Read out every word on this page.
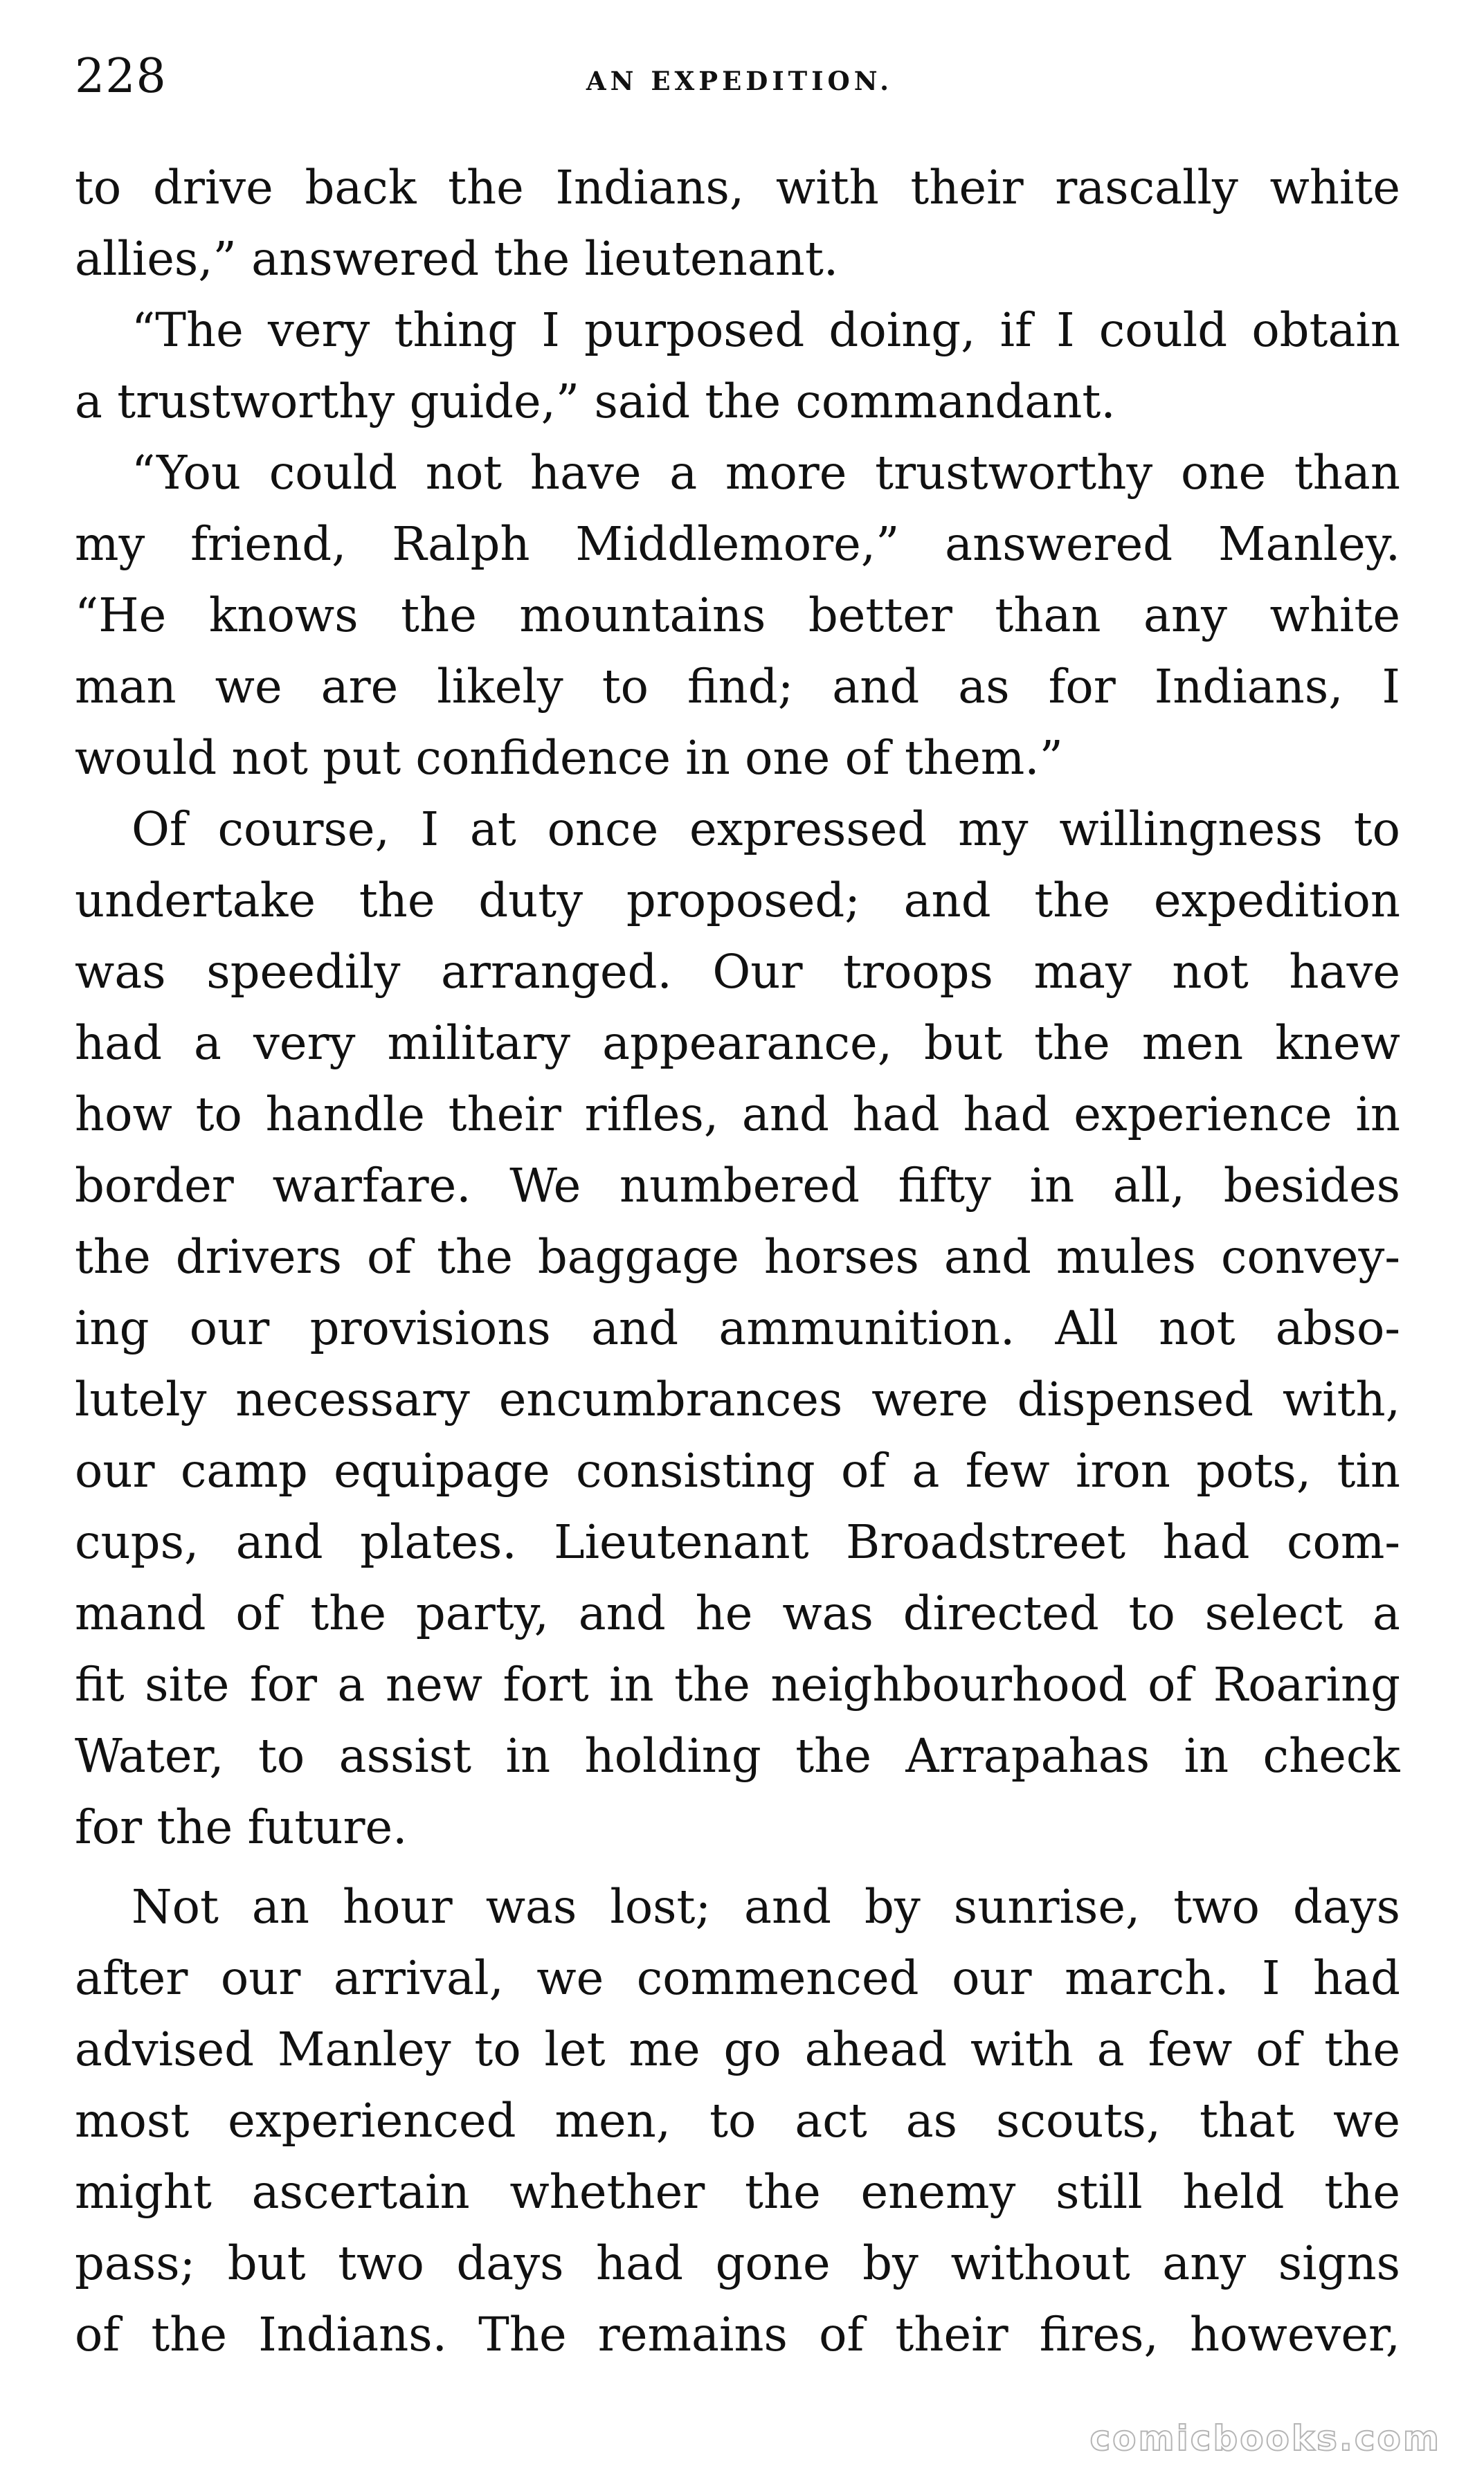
228	AN EXPEDITION.
to drive back the Indians, with their rascally white
allies,” answered the lieutenant.
“The very thing I purposed doing, if I could obtain
a trustworthy guide,” said the commandant.
“You could not have a more trustworthy one than
my friend, Ralph Middlemore,” answered Manley.
“He knows the mountains better than any white
man we are likely to find; and as for Indians, I
would not put confidence in one of them.”
Of course, I at once expressed my willingness to
undertake the duty proposed; and the expedition
was speedily arranged. Our troops may not have
had a very military appearance, but the men knew
how to handle their rifles, and had had experience in
border warfare. We numbered fifty in all, besides
the drivers of the baggage horses and mules convey-
ing our provisions and ammunition. All not abso-
lutely necessary encumbrances were dispensed with,
our camp equipage consisting of a few iron pots, tin
cups, and plates. Lieutenant Broadstreet had com-
mand of the party, and he was directed to select a
fit site for a new fort in the neighbourhood of Roaring
Water, to assist in holding the Arrapahas in check
for the future.
Not an hour was lost; and by sunrise, two days
after our arrival, we commenced our march. I had
advised Manley to let me go ahead with a few of the
most experienced men, to act as scouts, that we
might ascertain whether the enemy still held the
pass; but two days had gone by without any signs
of the Indians. The remains of their fires, however,
comicbooks.com
